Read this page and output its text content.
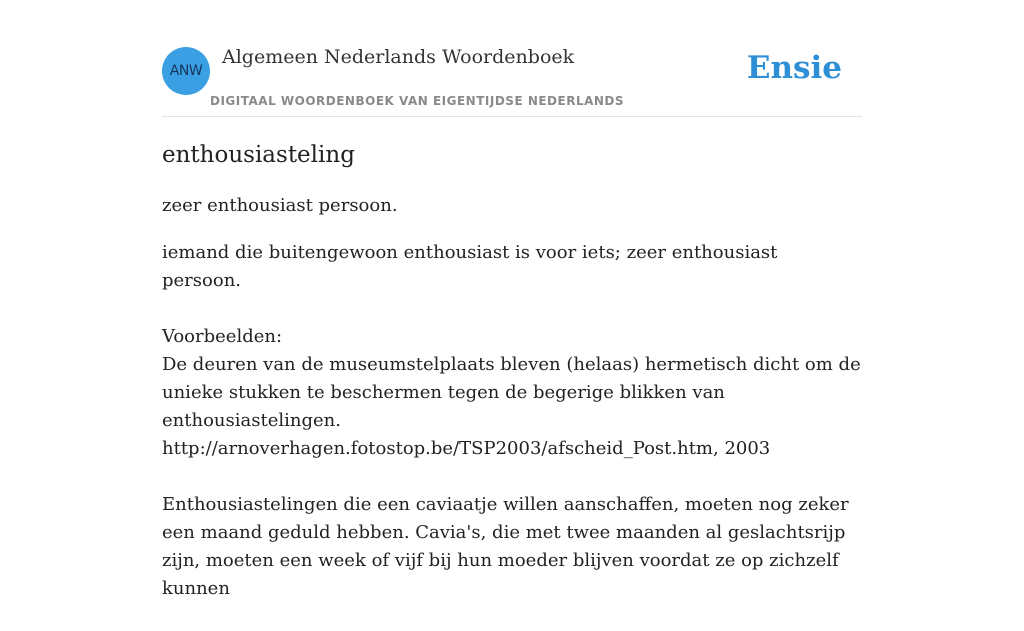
ANW
Algemeen Nederlands Woordenboek
DIGITAAL WOORDENBOEK VAN EIGENTIJDSE NEDERLANDS
Ensie
enthousiasteling

zeer enthousiast persoon.

iemand die buitengewoon enthousiast is voor iets; zeer enthousiast persoon.

Voorbeelden:

De deuren van de museumstelplaats bleven (helaas) hermetisch dicht om de unieke stukken te beschermen tegen de begerige blikken van enthousiastelingen.

http://arnoverhagen.fotostop.be/TSP2003/afscheid_Post.htm, 2003

Enthousiastelingen die een caviaatje willen aanschaffen, moeten nog zeker een maand geduld hebben. Cavia's, die met twee maanden al geslachtsrijp zijn, moeten een week of vijf bij hun moeder blijven voordat ze op zichzelf kunnen
